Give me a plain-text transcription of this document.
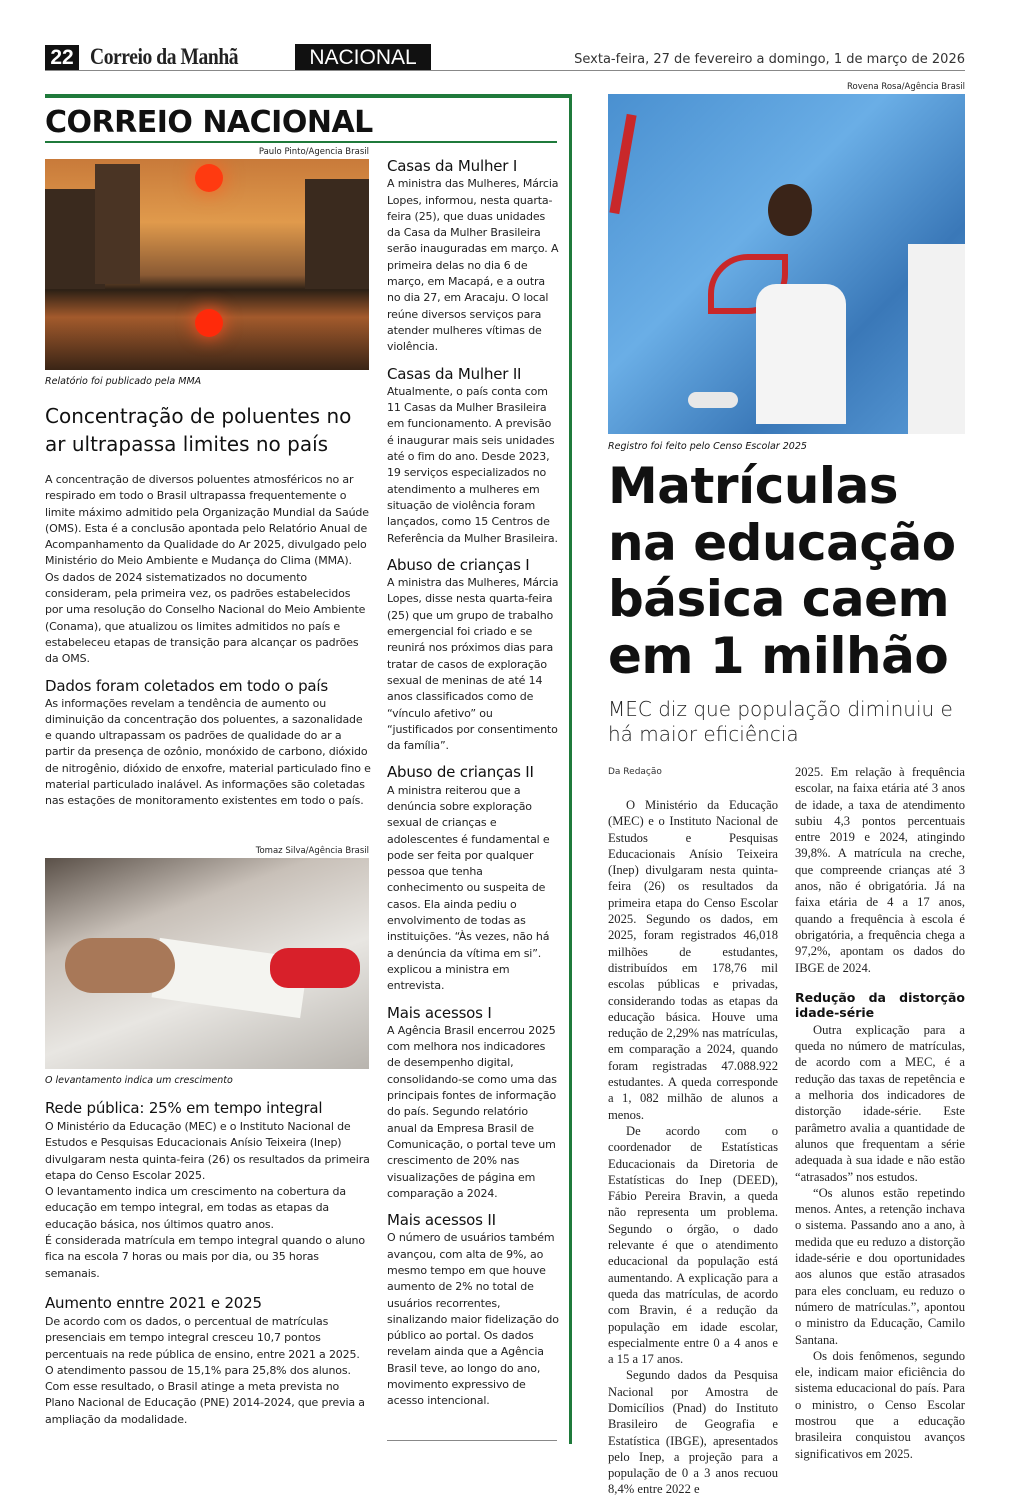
22 Correio da Manhã	NACIONAL	Sexta-feira, 27 de fevereiro a domingo, 1 de março de 2026
CORREIO NACIONAL
Paulo Pinto/Agencia Brasil
Relatório foi publicado pela MMA
Concentração de poluentes no ar ultrapassa limites no país

A concentração de diversos poluentes atmosféricos no ar respirado em todo o Brasil ultrapassa frequentemente o limite máximo admitido pela Organização Mundial da Saúde (OMS). Esta é a conclusão apontada pelo Relatório Anual de Acompanhamento da Qualidade do Ar 2025, divulgado pelo Ministério do Meio Ambiente e Mudança do Clima (MMA).

Os dados de 2024 sistematizados no documento consideram, pela primeira vez, os padrões estabelecidos por uma resolução do Conselho Nacional do Meio Ambiente (Conama), que atualizou os limites admitidos no país e estabeleceu etapas de transição para alcançar os padrões da OMS.

Dados foram coletados em todo o país

As informações revelam a tendência de aumento ou diminuição da concentração dos poluentes, a sazonalidade e quando ultrapassam os padrões de qualidade do ar a partir da presença de ozônio, monóxido de carbono, dióxido de nitrogênio, dióxido de enxofre, material particulado fino e material particulado inalável. As informações são coletadas nas estações de monitoramento existentes em todo o país.

Tomaz Silva/Agência Brasil
O levantamento indica um crescimento
Rede pública: 25% em tempo integral

O Ministério da Educação (MEC) e o Instituto Nacional de Estudos e Pesquisas Educacionais Anísio Teixeira (Inep) divulgaram nesta quinta-feira (26) os resultados da primeira etapa do Censo Escolar 2025.

O levantamento indica um crescimento na cobertura da educação em tempo integral, em todas as etapas da educação básica, nos últimos quatro anos.

É considerada matrícula em tempo integral quando o aluno fica na escola 7 horas ou mais por dia, ou 35 horas semanais.

Aumento enntre 2021 e 2025

De acordo com os dados, o percentual de matrículas presenciais em tempo integral cresceu 10,7 pontos percentuais na rede pública de ensino, entre 2021 a 2025. O atendimento passou de 15,1% para 25,8% dos alunos. Com esse resultado, o Brasil atinge a meta prevista no Plano Nacional de Educação (PNE) 2014-2024, que previa a ampliação da modalidade.

Casas da Mulher I

A ministra das Mulheres, Márcia Lopes, informou, nesta quarta-feira (25), que duas unidades da Casa da Mulher Brasileira serão inauguradas em março. A primeira delas no dia 6 de março, em Macapá, e a outra no dia 27, em Aracaju. O local reúne diversos serviços para atender mulheres vítimas de violência.

Casas da Mulher II

Atualmente, o país conta com 11 Casas da Mulher Brasileira em funcionamento. A previsão é inaugurar mais seis unidades até o fim do ano. Desde 2023, 19 serviços especializados no atendimento a mulheres em situação de violência foram lançados, como 15 Centros de Referência da Mulher Brasileira.

Abuso de crianças I

A ministra das Mulheres, Márcia Lopes, disse nesta quarta-feira (25) que um grupo de trabalho emergencial foi criado e se reunirá nos próximos dias para tratar de casos de exploração sexual de meninas de até 14 anos classificados como de “vínculo afetivo” ou “justificados por consentimento da família”.

Abuso de crianças II

A ministra reiterou que a denúncia sobre exploração sexual de crianças e adolescentes é fundamental e pode ser feita por qualquer pessoa que tenha conhecimento ou suspeita de casos. Ela ainda pediu o envolvimento de todas as instituições. “Às vezes, não há a denúncia da vítima em si”. explicou a ministra em entrevista.

Mais acessos I

A Agência Brasil encerrou 2025 com melhora nos indicadores de desempenho digital, consolidando-se como uma das principais fontes de informação do país. Segundo relatório anual da Empresa Brasil de Comunicação, o portal teve um crescimento de 20% nas visualizações de página em comparação a 2024.

Mais acessos II

O número de usuários também avançou, com alta de 9%, ao mesmo tempo em que houve aumento de 2% no total de usuários recorrentes, sinalizando maior fidelização do público ao portal. Os dados revelam ainda que a Agência Brasil teve, ao longo do ano, movimento expressivo de acesso intencional.

Rovena Rosa/Agência Brasil
Registro foi feito pelo Censo Escolar 2025
Matrículas na educação básica caem em 1 milhão
MEC diz que população diminuiu e há maior eficiência
Da Redação

O Ministério da Educação (MEC) e o Instituto Nacional de Estudos e Pesquisas Educacionais Anísio Teixeira (Inep) divulgaram nesta quinta-feira (26) os resultados da primeira etapa do Censo Escolar 2025. Segundo os dados, em 2025, foram registrados 46,018 milhões de estudantes, distribuídos em 178,76 mil escolas públicas e privadas, considerando todas as etapas da educação básica. Houve uma redução de 2,29% nas matrículas, em comparação a 2024, quando foram registradas 47.088.922 estudantes. A queda corresponde a 1, 082 milhão de alunos a menos.

De acordo com o coordenador de Estatísticas Educacionais da Diretoria de Estatísticas do Inep (DEED), Fábio Pereira Bravin, a queda não representa um problema. Segundo o órgão, o dado relevante é que o atendimento educacional da população está aumentando. A explicação para a queda das matrículas, de acordo com Bravin, é a redução da população em idade escolar, especialmente entre 0 a 4 anos e a 15 a 17 anos.

Segundo dados da Pesquisa Nacional por Amostra de Domicílios (Pnad) do Instituto Brasileiro de Geografia e Estatística (IBGE), apresentados pelo Inep, a projeção para a população de 0 a 3 anos recuou 8,4% entre 2022 e

2025. Em relação à frequência escolar, na faixa etária até 3 anos de idade, a taxa de atendimento subiu 4,3 pontos percentuais entre 2019 e 2024, atingindo 39,8%. A matrícula na creche, que compreende crianças até 3 anos, não é obrigatória. Já na faixa etária de 4 a 17 anos, quando a frequência à escola é obrigatória, a frequência chega a 97,2%, apontam os dados do IBGE de 2024.

Redução da distorção idade-série

Outra explicação para a queda no número de matrículas, de acordo com a MEC, é a redução das taxas de repetência e a melhoria dos indicadores de distorção idade-série. Este parâmetro avalia a quantidade de alunos que frequentam a série adequada à sua idade e não estão “atrasados” nos estudos.

“Os alunos estão repetindo menos. Antes, a retenção inchava o sistema. Passando ano a ano, à medida que eu reduzo a distorção idade-série e dou oportunidades aos alunos que estão atrasados para eles concluam, eu reduzo o número de matrículas.”, apontou o ministro da Educação, Camilo Santana.

Os dois fenômenos, segundo ele, indicam maior eficiência do sistema educacional do país. Para o ministro, o Censo Escolar mostrou que a educação brasileira conquistou avanços significativos em 2025.
